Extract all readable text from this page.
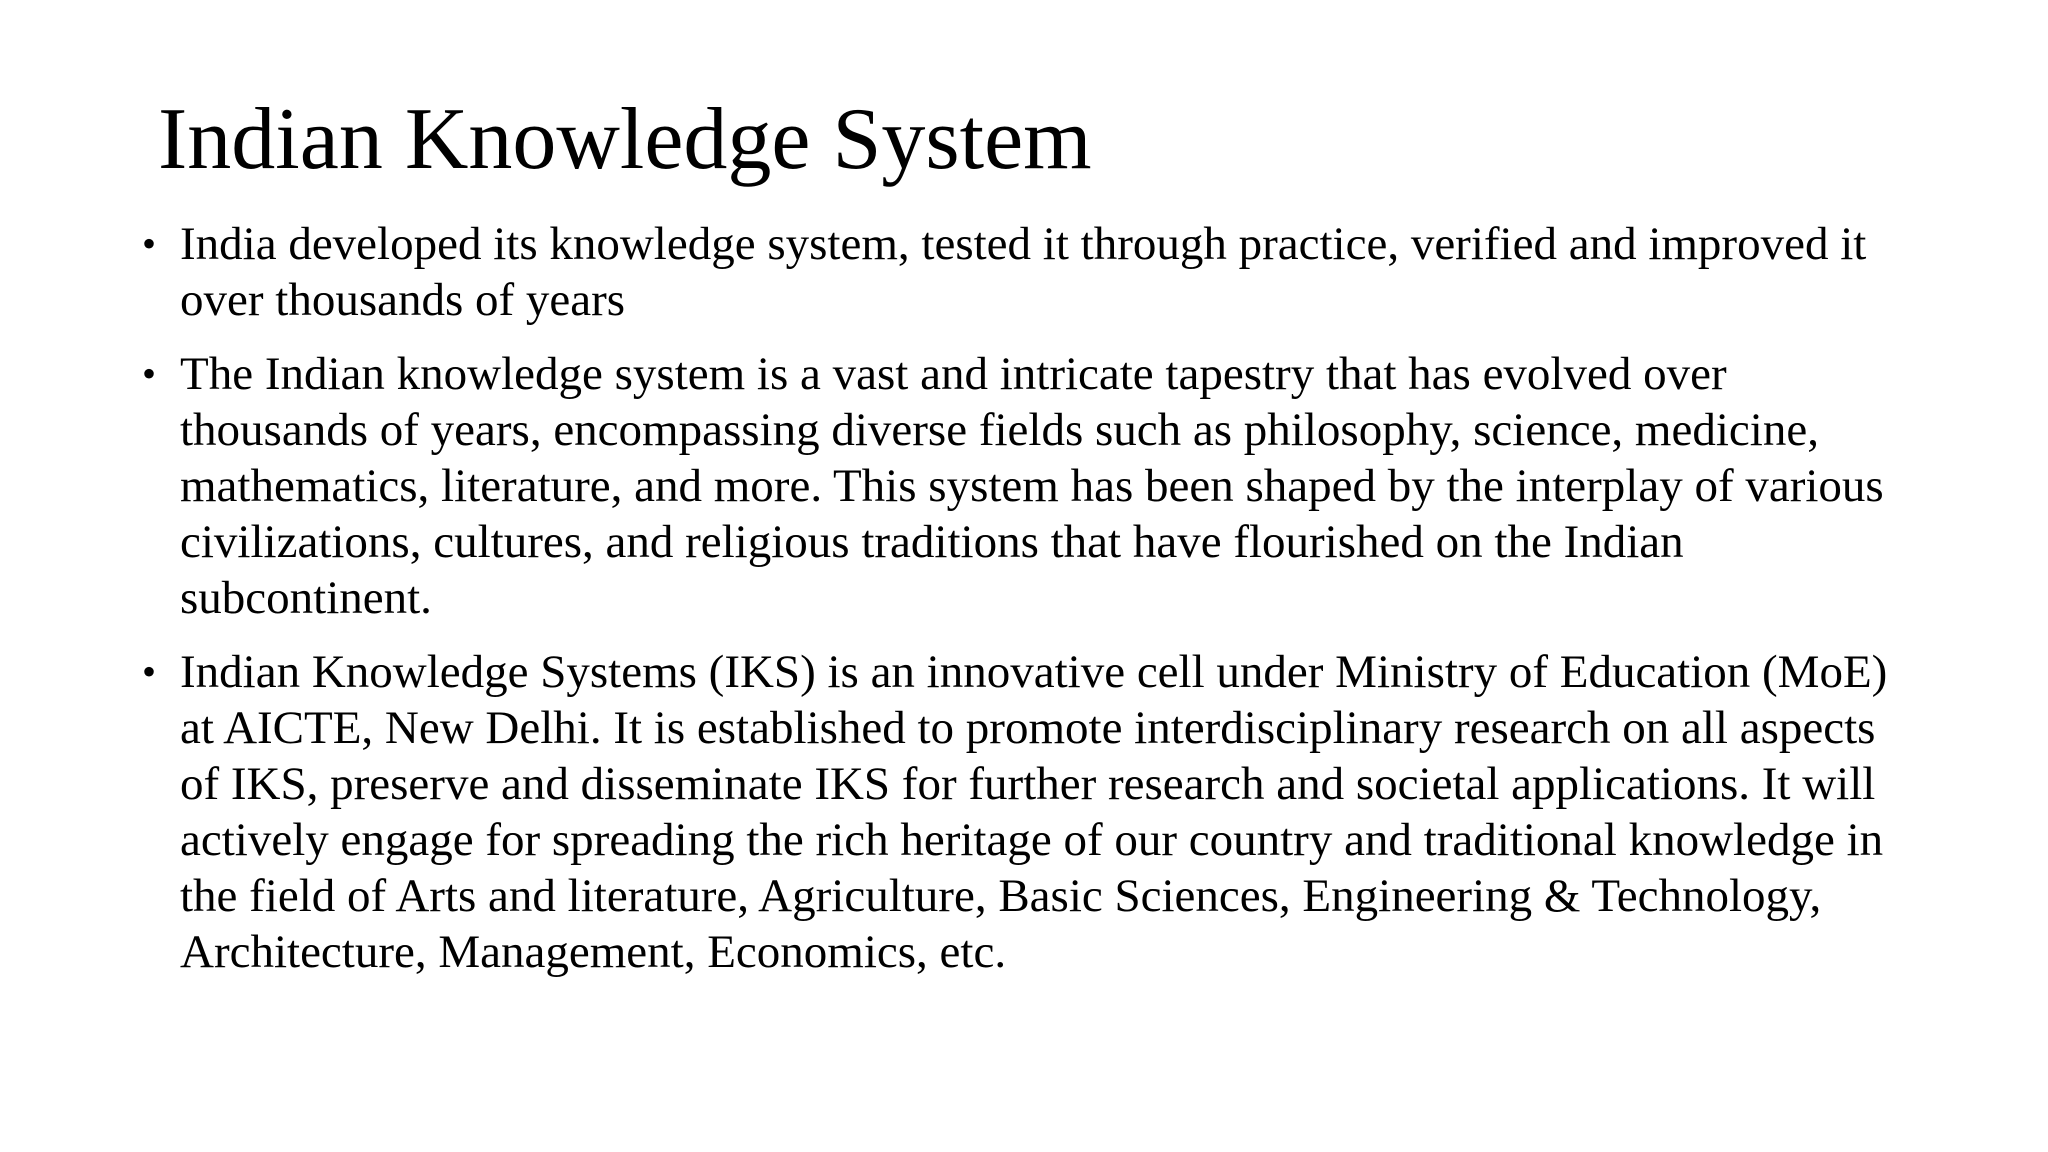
Indian Knowledge System
• India developed its knowledge system, tested it through practice, verified and improved it over thousands of years
• The Indian knowledge system is a vast and intricate tapestry that has evolved over thousands of years, encompassing diverse fields such as philosophy, science, medicine, mathematics, literature, and more. This system has been shaped by the interplay of various civilizations, cultures, and religious traditions that have flourished on the Indian subcontinent.
• Indian Knowledge Systems (IKS) is an innovative cell under Ministry of Education (MoE) at AICTE, New Delhi. It is established to promote interdisciplinary research on all aspects of IKS, preserve and disseminate IKS for further research and societal applications. It will actively engage for spreading the rich heritage of our country and traditional knowledge in the field of Arts and literature, Agriculture, Basic Sciences, Engineering & Technology, Architecture, Management, Economics, etc.
